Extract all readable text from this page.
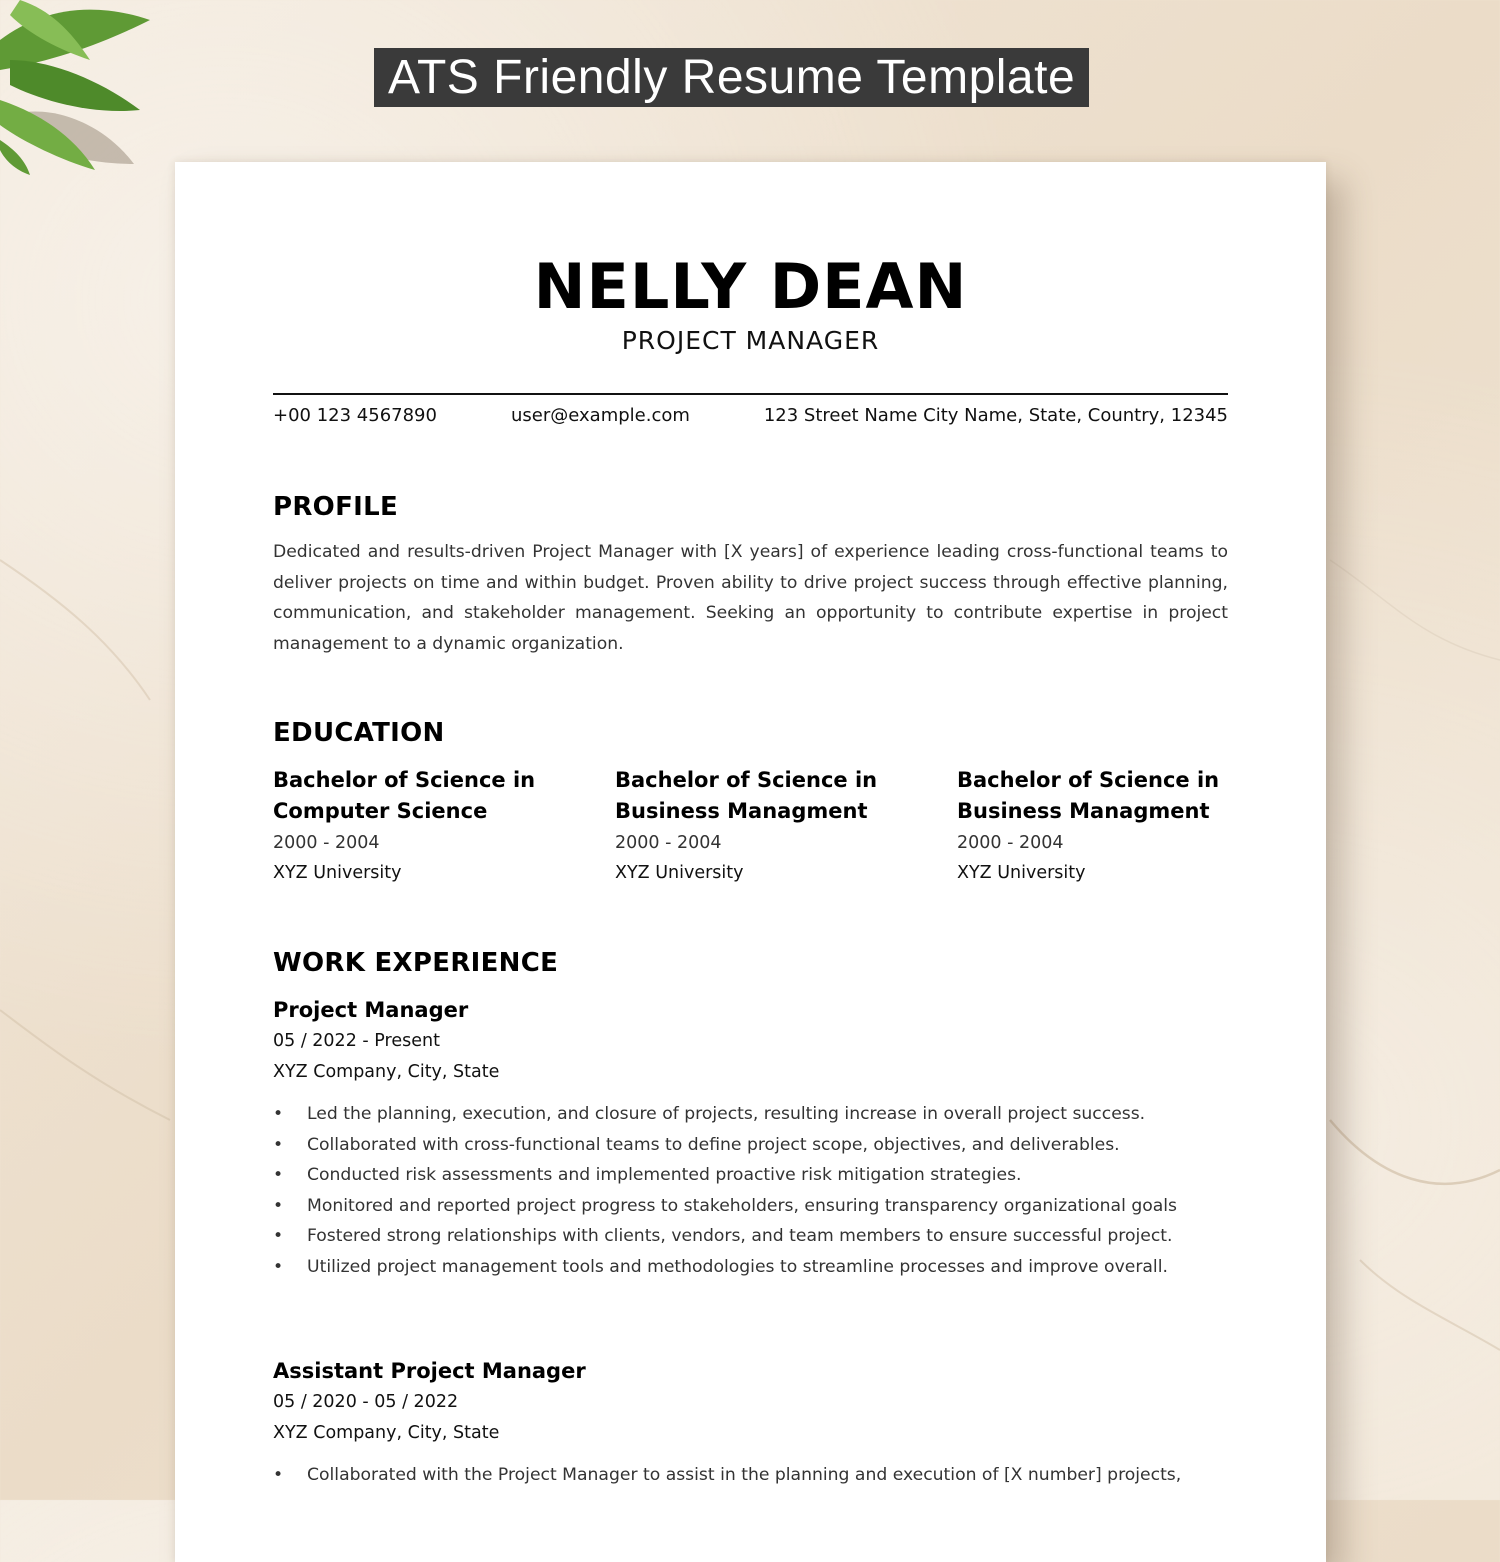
ATS Friendly Resume Template
NELLY DEAN
PROJECT MANAGER
+00 123 4567890	user@example.com	123 Street Name City Name, State, Country, 12345
PROFILE
Dedicated and results-driven Project Manager with [X years] of experience leading cross-functional teams to deliver projects on time and within budget. Proven ability to drive project success through effective planning, communication, and stakeholder management. Seeking an opportunity to contribute expertise in project management to a dynamic organization.
EDUCATION
Bachelor of Science in
Computer Science
2000 - 2004
XYZ University
Bachelor of Science in
Business Managment
2000 - 2004
XYZ University
Bachelor of Science in
Business Managment
2000 - 2004
XYZ University
WORK EXPERIENCE
Project Manager
05 / 2022 - Present
XYZ Company, City, State
• Led the planning, execution, and closure of projects, resulting increase in overall project success.
• Collaborated with cross-functional teams to define project scope, objectives, and deliverables.
• Conducted risk assessments and implemented proactive risk mitigation strategies.
• Monitored and reported project progress to stakeholders, ensuring transparency organizational goals
• Fostered strong relationships with clients, vendors, and team members to ensure successful project.
• Utilized project management tools and methodologies to streamline processes and improve overall.
Assistant Project Manager
05 / 2020 - 05 / 2022
XYZ Company, City, State
• Collaborated with the Project Manager to assist in the planning and execution of [X number] projects,
